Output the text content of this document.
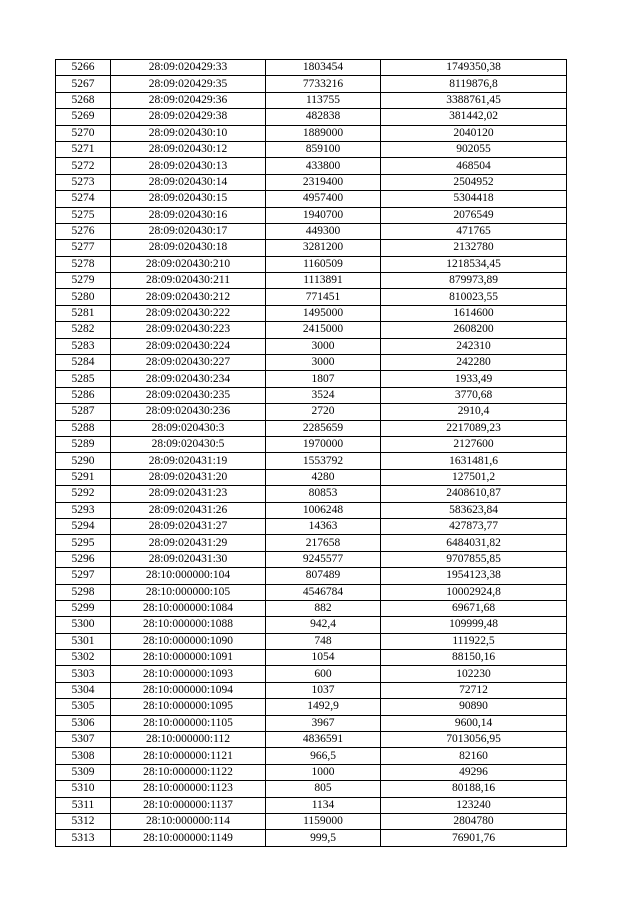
5266	28:09:020429:33	1803454	1749350,38
5267	28:09:020429:35	7733216	8119876,8
5268	28:09:020429:36	113755	3388761,45
5269	28:09:020429:38	482838	381442,02
5270	28:09:020430:10	1889000	2040120
5271	28:09:020430:12	859100	902055
5272	28:09:020430:13	433800	468504
5273	28:09:020430:14	2319400	2504952
5274	28:09:020430:15	4957400	5304418
5275	28:09:020430:16	1940700	2076549
5276	28:09:020430:17	449300	471765
5277	28:09:020430:18	3281200	2132780
5278	28:09:020430:210	1160509	1218534,45
5279	28:09:020430:211	1113891	879973,89
5280	28:09:020430:212	771451	810023,55
5281	28:09:020430:222	1495000	1614600
5282	28:09:020430:223	2415000	2608200
5283	28:09:020430:224	3000	242310
5284	28:09:020430:227	3000	242280
5285	28:09:020430:234	1807	1933,49
5286	28:09:020430:235	3524	3770,68
5287	28:09:020430:236	2720	2910,4
5288	28:09:020430:3	2285659	2217089,23
5289	28:09:020430:5	1970000	2127600
5290	28:09:020431:19	1553792	1631481,6
5291	28:09:020431:20	4280	127501,2
5292	28:09:020431:23	80853	2408610,87
5293	28:09:020431:26	1006248	583623,84
5294	28:09:020431:27	14363	427873,77
5295	28:09:020431:29	217658	6484031,82
5296	28:09:020431:30	9245577	9707855,85
5297	28:10:000000:104	807489	1954123,38
5298	28:10:000000:105	4546784	10002924,8
5299	28:10:000000:1084	882	69671,68
5300	28:10:000000:1088	942,4	109999,48
5301	28:10:000000:1090	748	111922,5
5302	28:10:000000:1091	1054	88150,16
5303	28:10:000000:1093	600	102230
5304	28:10:000000:1094	1037	72712
5305	28:10:000000:1095	1492,9	90890
5306	28:10:000000:1105	3967	9600,14
5307	28:10:000000:112	4836591	7013056,95
5308	28:10:000000:1121	966,5	82160
5309	28:10:000000:1122	1000	49296
5310	28:10:000000:1123	805	80188,16
5311	28:10:000000:1137	1134	123240
5312	28:10:000000:114	1159000	2804780
5313	28:10:000000:1149	999,5	76901,76
